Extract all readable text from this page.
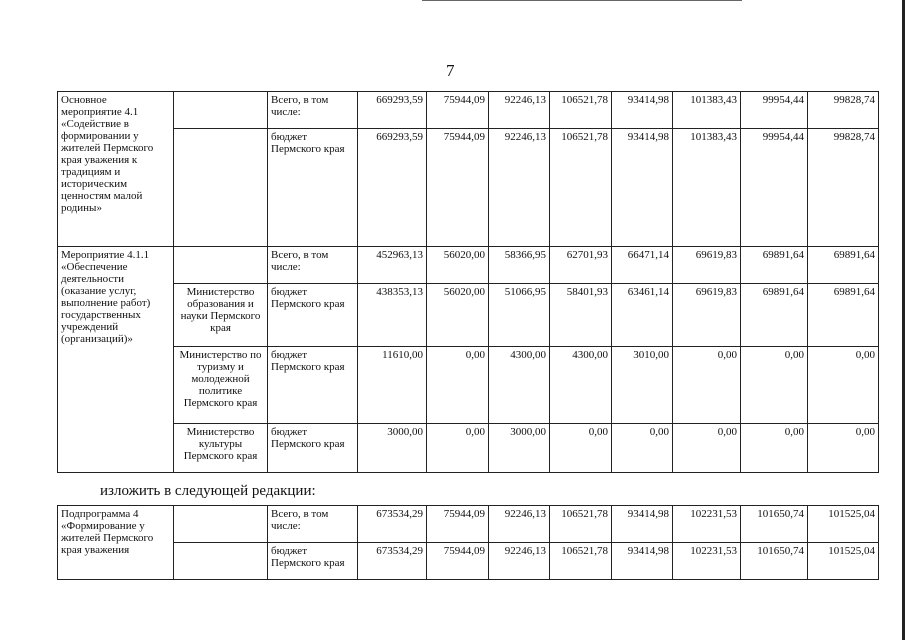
7
Основное мероприятие 4.1 «Содействие в формировании у жителей Пермского края уважения к традициям и историческим ценностям малой родины»		Всего, в том числе:	669293,59	75944,09	92246,13	106521,78	93414,98	101383,43	99954,44	99828,74
		бюджет Пермского края	669293,59	75944,09	92246,13	106521,78	93414,98	101383,43	99954,44	99828,74
Мероприятие 4.1.1 «Обеспечение деятельности (оказание услуг, выполнение работ) государственных учреждений (организаций)»		Всего, в том числе:	452963,13	56020,00	58366,95	62701,93	66471,14	69619,83	69891,64	69891,64
	Министерство образования и науки Пермского края	бюджет Пермского края	438353,13	56020,00	51066,95	58401,93	63461,14	69619,83	69891,64	69891,64
	Министерство по туризму и молодежной политике Пермского края	бюджет Пермского края	11610,00	0,00	4300,00	4300,00	3010,00	0,00	0,00	0,00
	Министерство культуры Пермского края	бюджет Пермского края	3000,00	0,00	3000,00	0,00	0,00	0,00	0,00	0,00
изложить в следующей редакции:
Подпрограмма 4 «Формирование у жителей Пермского края уважения		Всего, в том числе:	673534,29	75944,09	92246,13	106521,78	93414,98	102231,53	101650,74	101525,04
		бюджет Пермского края	673534,29	75944,09	92246,13	106521,78	93414,98	102231,53	101650,74	101525,04
